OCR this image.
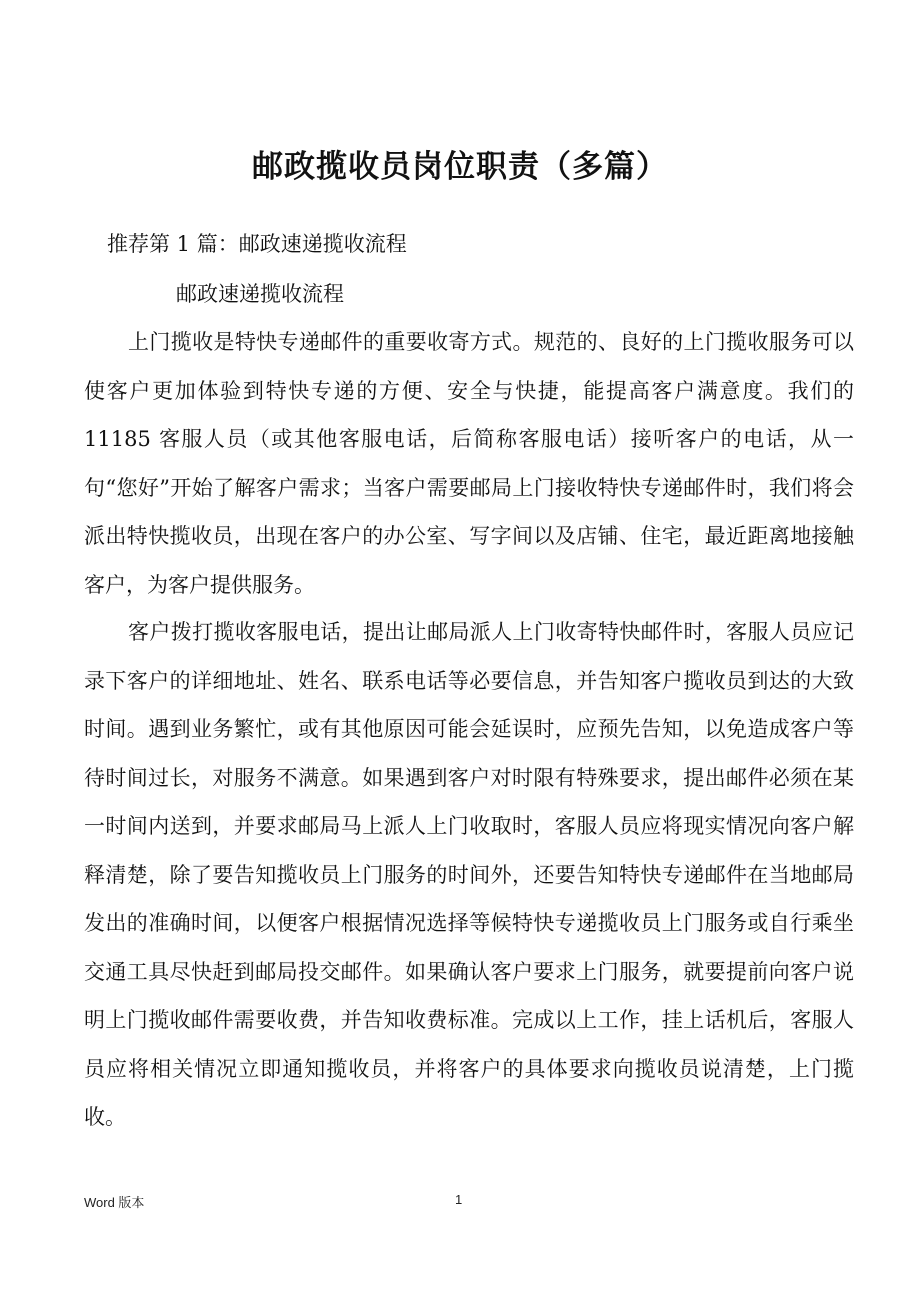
邮政揽收员岗位职责（多篇）

推荐第 1 篇：邮政速递揽收流程

邮政速递揽收流程

上门揽收是特快专递邮件的重要收寄方式。规范的、良好的上门揽收服务可以使客户更加体验到特快专递的方便、安全与快捷，能提高客户满意度。我们的 11185 客服人员（或其他客服电话，后简称客服电话）接听客户的电话，从一句“您好”开始了解客户需求；当客户需要邮局上门接收特快专递邮件时，我们将会派出特快揽收员，出现在客户的办公室、写字间以及店铺、住宅，最近距离地接触客户，为客户提供服务。

客户拨打揽收客服电话，提出让邮局派人上门收寄特快邮件时，客服人员应记录下客户的详细地址、姓名、联系电话等必要信息，并告知客户揽收员到达的大致时间。遇到业务繁忙，或有其他原因可能会延误时，应预先告知，以免造成客户等待时间过长，对服务不满意。如果遇到客户对时限有特殊要求，提出邮件必须在某一时间内送到，并要求邮局马上派人上门收取时，客服人员应将现实情况向客户解释清楚，除了要告知揽收员上门服务的时间外，还要告知特快专递邮件在当地邮局发出的准确时间，以便客户根据情况选择等候特快专递揽收员上门服务或自行乘坐交通工具尽快赶到邮局投交邮件。如果确认客户要求上门服务，就要提前向客户说明上门揽收邮件需要收费，并告知收费标准。完成以上工作，挂上话机后，客服人员应将相关情况立即通知揽收员，并将客户的具体要求向揽收员说清楚，上门揽收。

Word 版本	1
